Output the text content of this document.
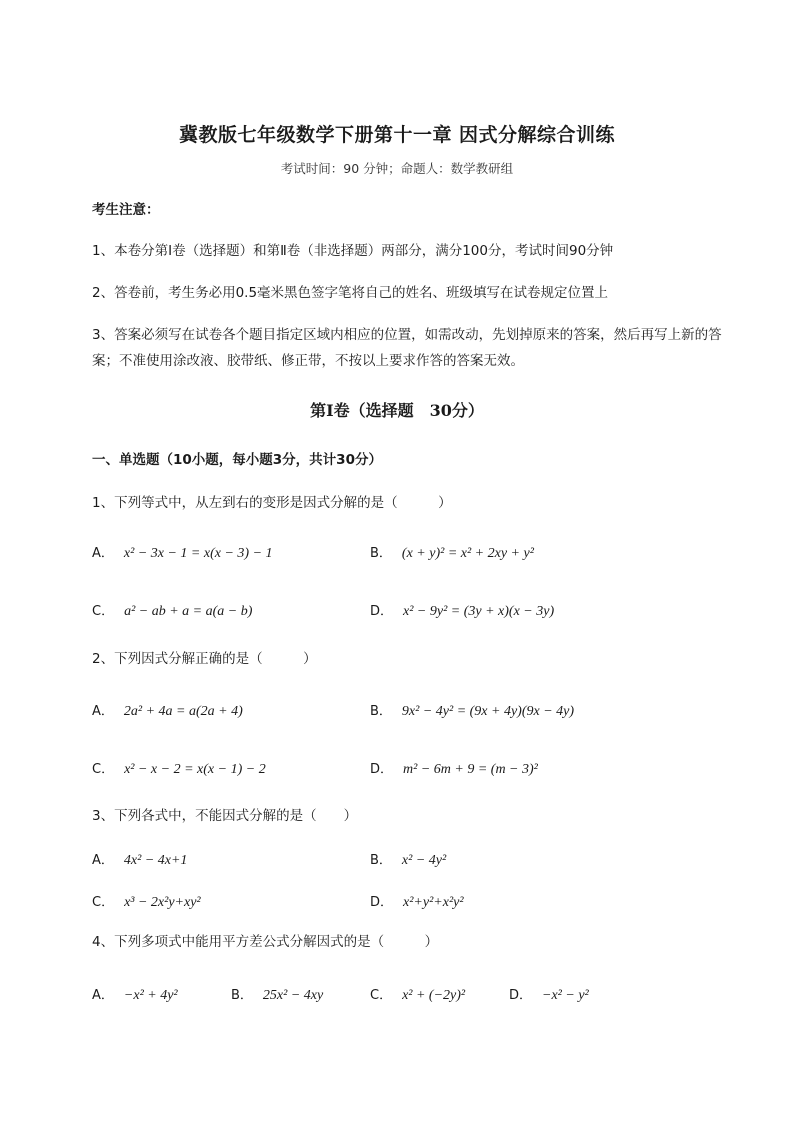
冀教版七年级数学下册第十一章 因式分解综合训练
考试时间：90 分钟；命题人：数学教研组
考生注意：
1、本卷分第Ⅰ卷（选择题）和第Ⅱ卷（非选择题）两部分，满分100分，考试时间90分钟
2、答卷前，考生务必用0.5毫米黑色签字笔将自己的姓名、班级填写在试卷规定位置上
3、答案必须写在试卷各个题目指定区域内相应的位置，如需改动，先划掉原来的答案，然后再写上新的答案；不准使用涂改液、胶带纸、修正带，不按以上要求作答的答案无效。
第Ⅰ卷（选择题　30分）
一、单选题（10小题，每小题3分，共计30分）
1、下列等式中，从左到右的变形是因式分解的是（　　　）
A． x² − 3x − 1 = x(x − 3) − 1	B． (x + y)² = x² + 2xy + y²
C． a² − ab + a = a(a − b)	D． x² − 9y² = (3y + x)(x − 3y)
2、下列因式分解正确的是（　　　）
A． 2a² + 4a = a(2a + 4)	B． 9x² − 4y² = (9x + 4y)(9x − 4y)
C． x² − x − 2 = x(x − 1) − 2	D． m² − 6m + 9 = (m − 3)²
3、下列各式中，不能因式分解的是（　　）
A． 4x² − 4x+1	B． x² − 4y²
C． x³ − 2x²y+xy²	D． x²+y²+x²y²
4、下列多项式中能用平方差公式分解因式的是（　　　）
A． −x² + 4y²	B． 25x² − 4xy	C． x² + (−2y)²	D． −x² − y²
